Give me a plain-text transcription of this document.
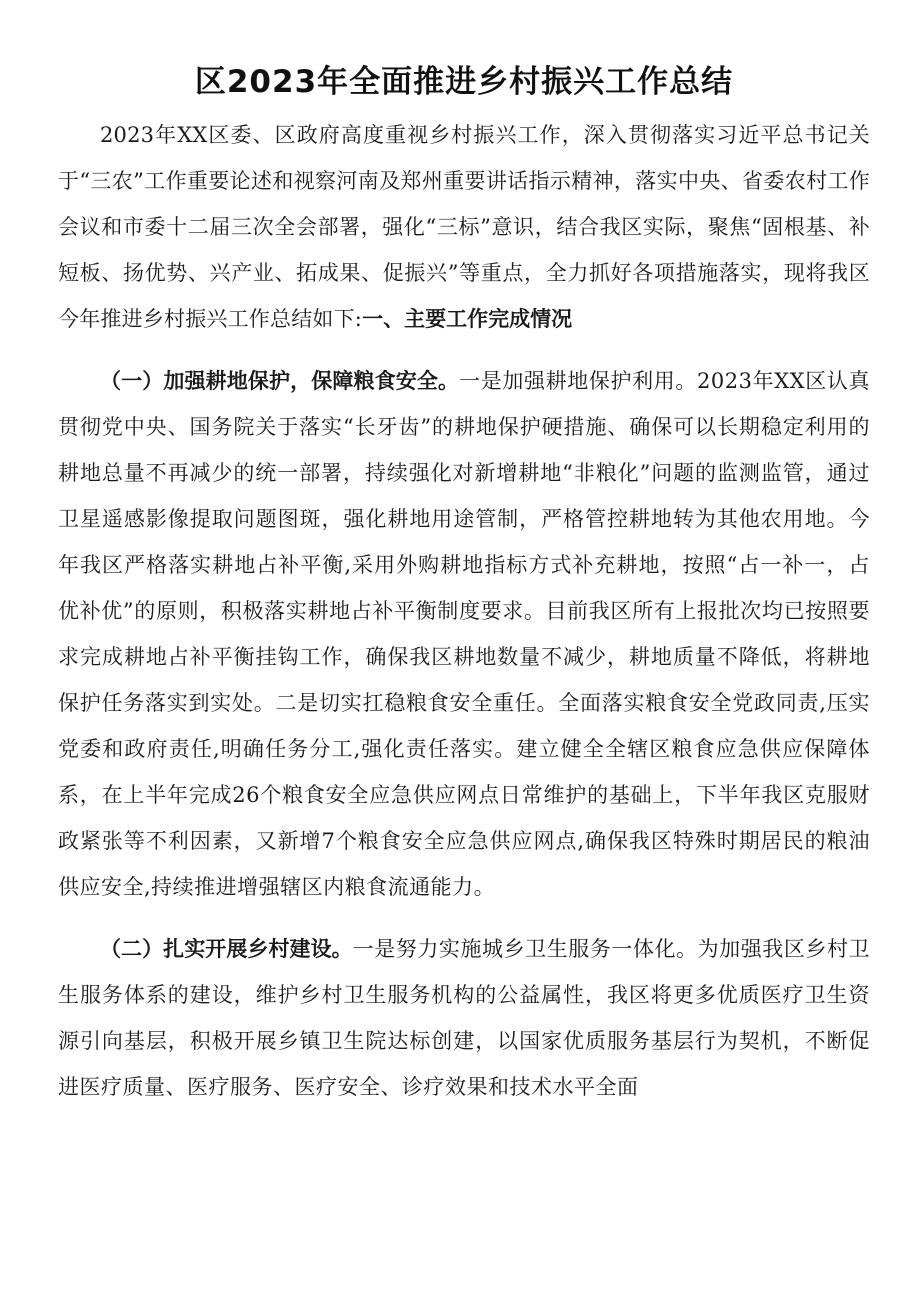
区2023年全面推进乡村振兴工作总结

2023年XX区委、区政府高度重视乡村振兴工作，深入贯彻落实习近平总书记关于“三农”工作重要论述和视察河南及郑州重要讲话指示精神，落实中央、省委农村工作会议和市委十二届三次全会部署，强化“三标”意识，结合我区实际，聚焦“固根基、补短板、扬优势、兴产业、拓成果、促振兴”等重点，全力抓好各项措施落实，现将我区今年推进乡村振兴工作总结如下:一、主要工作完成情况

（一）加强耕地保护，保障粮食安全。一是加强耕地保护利用。2023年XX区认真贯彻党中央、国务院关于落实“长牙齿”的耕地保护硬措施、确保可以长期稳定利用的耕地总量不再减少的统一部署，持续强化对新增耕地“非粮化”问题的监测监管，通过卫星遥感影像提取问题图斑，强化耕地用途管制，严格管控耕地转为其他农用地。今年我区严格落实耕地占补平衡,采用外购耕地指标方式补充耕地，按照“占一补一，占优补优”的原则，积极落实耕地占补平衡制度要求。目前我区所有上报批次均已按照要求完成耕地占补平衡挂钩工作，确保我区耕地数量不减少，耕地质量不降低，将耕地保护任务落实到实处。二是切实扛稳粮食安全重任。全面落实粮食安全党政同责,压实党委和政府责任,明确任务分工,强化责任落实。建立健全全辖区粮食应急供应保障体系，在上半年完成26个粮食安全应急供应网点日常维护的基础上，下半年我区克服财政紧张等不利因素，又新增7个粮食安全应急供应网点,确保我区特殊时期居民的粮油供应安全,持续推进增强辖区内粮食流通能力。

（二）扎实开展乡村建设。一是努力实施城乡卫生服务一体化。为加强我区乡村卫生服务体系的建设，维护乡村卫生服务机构的公益属性，我区将更多优质医疗卫生资源引向基层，积极开展乡镇卫生院达标创建，以国家优质服务基层行为契机，不断促进医疗质量、医疗服务、医疗安全、诊疗效果和技术水平全面
